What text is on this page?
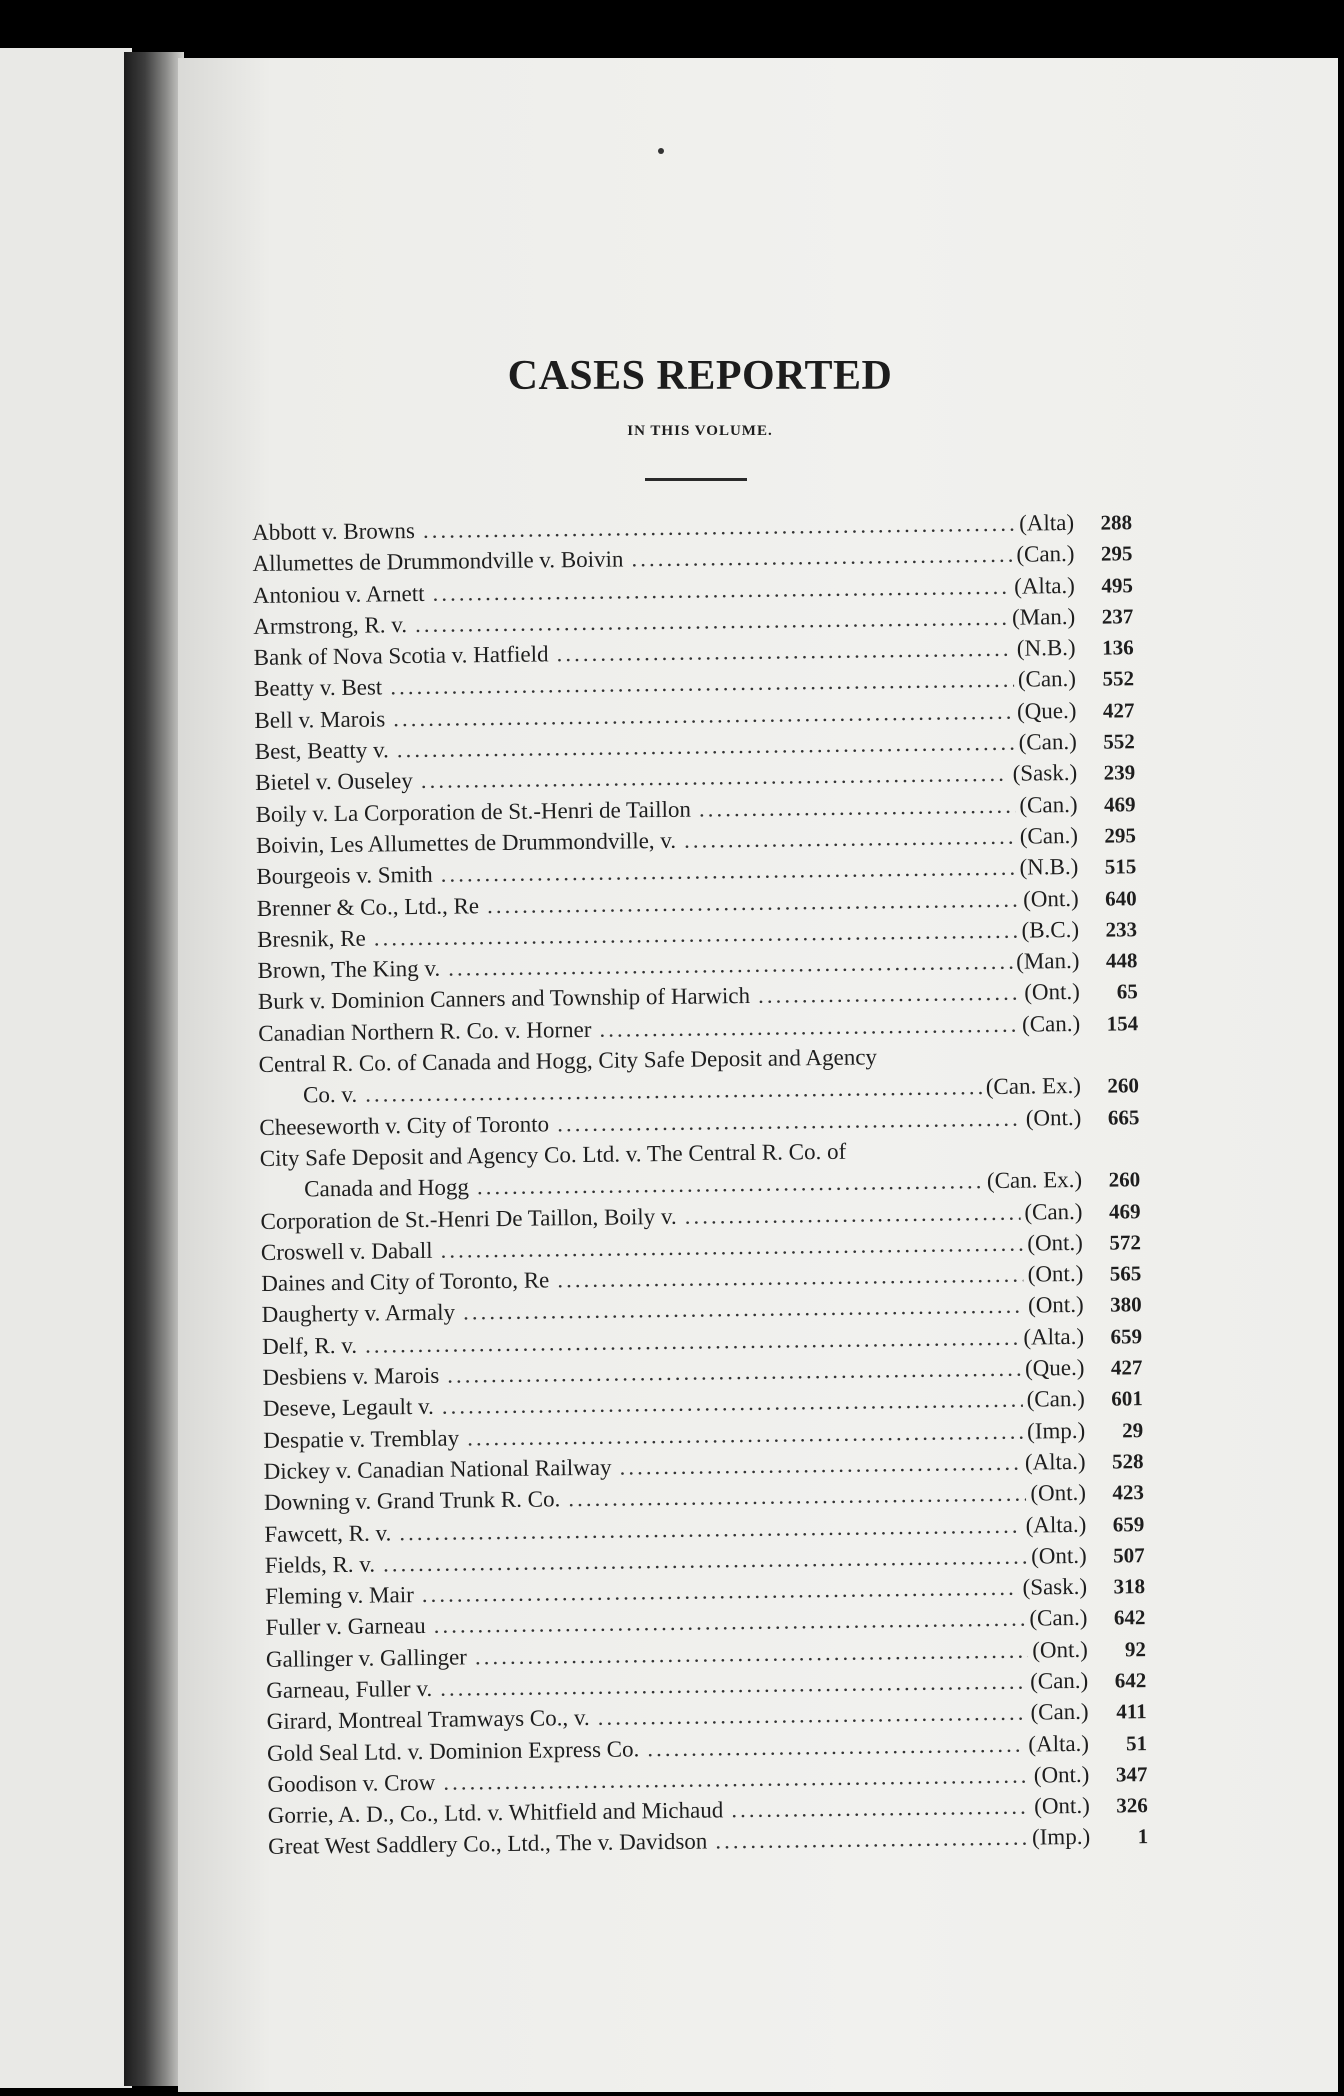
CASES REPORTED
IN THIS VOLUME.
Abbott v. Browns .....	(Alta)	288
Allumettes de Drummondville v. Boivin .....	(Can.)	295
Antoniou v. Arnett .....	(Alta.)	495
Armstrong, R. v. .....	(Man.)	237
Bank of Nova Scotia v. Hatfield .....	(N.B.)	136
Beatty v. Best .....	(Can.)	552
Bell v. Marois .....	(Que.)	427
Best, Beatty v. .....	(Can.)	552
Bietel v. Ouseley .....	(Sask.)	239
Boily v. La Corporation de St.-Henri de Taillon .....	(Can.)	469
Boivin, Les Allumettes de Drummondville, v. .....	(Can.)	295
Bourgeois v. Smith .....	(N.B.)	515
Brenner & Co., Ltd., Re .....	(Ont.)	640
Bresnik, Re .....	(B.C.)	233
Brown, The King v. .....	(Man.)	448
Burk v. Dominion Canners and Township of Harwich .....	(Ont.)	65
Canadian Northern R. Co. v. Horner .....	(Can.)	154
Central R. Co. of Canada and Hogg, City Safe Deposit and Agency
Co. v. .....	(Can. Ex.)	260
Cheeseworth v. City of Toronto .....	(Ont.)	665
City Safe Deposit and Agency Co. Ltd. v. The Central R. Co. of
Canada and Hogg .....	(Can. Ex.)	260
Corporation de St.-Henri De Taillon, Boily v. .....	(Can.)	469
Croswell v. Daball .....	(Ont.)	572
Daines and City of Toronto, Re .....	(Ont.)	565
Daugherty v. Armaly .....	(Ont.)	380
Delf, R. v. .....	(Alta.)	659
Desbiens v. Marois .....	(Que.)	427
Deseve, Legault v. .....	(Can.)	601
Despatie v. Tremblay .....	(Imp.)	29
Dickey v. Canadian National Railway .....	(Alta.)	528
Downing v. Grand Trunk R. Co. .....	(Ont.)	423
Fawcett, R. v. .....	(Alta.)	659
Fields, R. v. .....	(Ont.)	507
Fleming v. Mair .....	(Sask.)	318
Fuller v. Garneau .....	(Can.)	642
Gallinger v. Gallinger .....	(Ont.)	92
Garneau, Fuller v. .....	(Can.)	642
Girard, Montreal Tramways Co., v. .....	(Can.)	411
Gold Seal Ltd. v. Dominion Express Co. .....	(Alta.)	51
Goodison v. Crow .....	(Ont.)	347
Gorrie, A. D., Co., Ltd. v. Whitfield and Michaud .....	(Ont.)	326
Great West Saddlery Co., Ltd., The v. Davidson .....	(Imp.)	1
